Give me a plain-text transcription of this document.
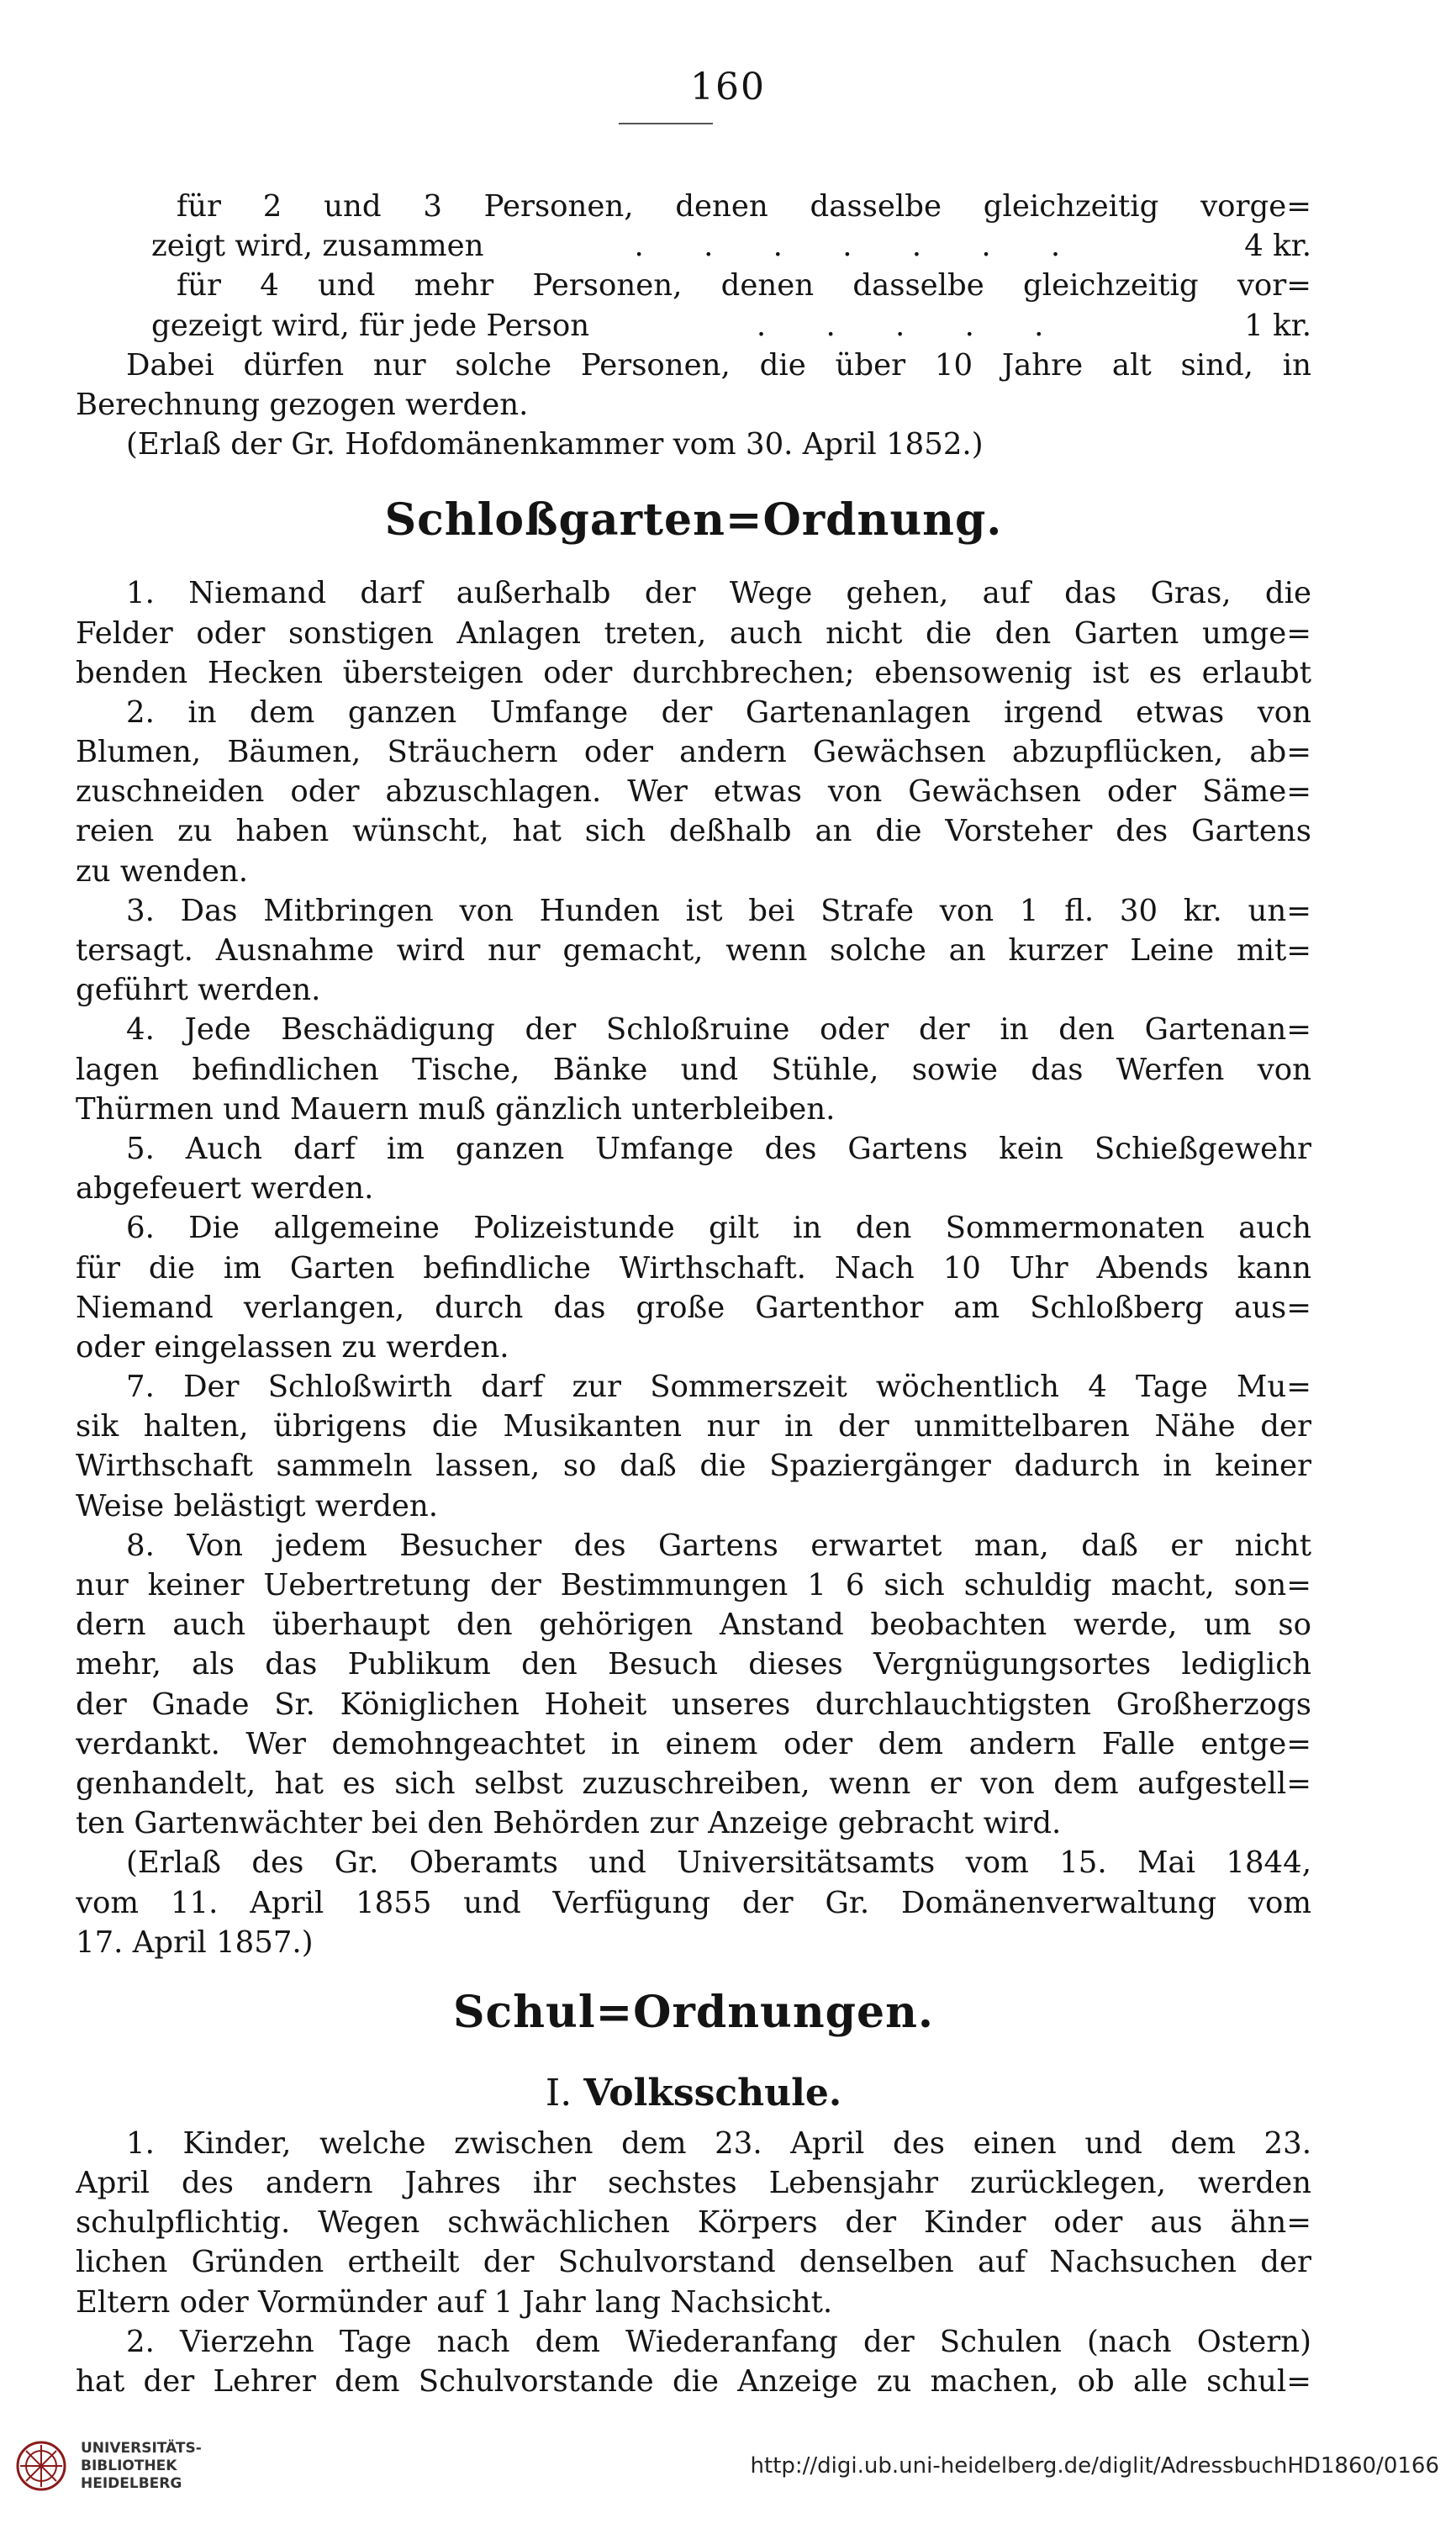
160
für 2 und 3 Personen, denen dasselbe gleichzeitig vorge=
zeigt wird, zusammen	. . . . . . .	4 kr.
für 4 und mehr Personen, denen dasselbe gleichzeitig vor=
gezeigt wird, für jede Person	. . . . .	1 kr.
Dabei dürfen nur solche Personen, die über 10 Jahre alt sind, in
Berechnung gezogen werden.
(Erlaß der Gr. Hofdomänenkammer vom 30. April 1852.)
Schloßgarten=Ordnung.
1. Niemand darf außerhalb der Wege gehen, auf das Gras, die
Felder oder sonstigen Anlagen treten, auch nicht die den Garten umge=
benden Hecken übersteigen oder durchbrechen; ebensowenig ist es erlaubt
2. in dem ganzen Umfange der Gartenanlagen irgend etwas von
Blumen, Bäumen, Sträuchern oder andern Gewächsen abzupflücken, ab=
zuschneiden oder abzuschlagen. Wer etwas von Gewächsen oder Säme=
reien zu haben wünscht, hat sich deßhalb an die Vorsteher des Gartens
zu wenden.
3. Das Mitbringen von Hunden ist bei Strafe von 1 fl. 30 kr. un=
tersagt. Ausnahme wird nur gemacht, wenn solche an kurzer Leine mit=
geführt werden.
4. Jede Beschädigung der Schloßruine oder der in den Gartenan=
lagen befindlichen Tische, Bänke und Stühle, sowie das Werfen von
Thürmen und Mauern muß gänzlich unterbleiben.
5. Auch darf im ganzen Umfange des Gartens kein Schießgewehr
abgefeuert werden.
6. Die allgemeine Polizeistunde gilt in den Sommermonaten auch
für die im Garten befindliche Wirthschaft. Nach 10 Uhr Abends kann
Niemand verlangen, durch das große Gartenthor am Schloßberg aus=
oder eingelassen zu werden.
7. Der Schloßwirth darf zur Sommerszeit wöchentlich 4 Tage Mu=
sik halten, übrigens die Musikanten nur in der unmittelbaren Nähe der
Wirthschaft sammeln lassen, so daß die Spaziergänger dadurch in keiner
Weise belästigt werden.
8. Von jedem Besucher des Gartens erwartet man, daß er nicht
nur keiner Uebertretung der Bestimmungen 1 6 sich schuldig macht, son=
dern auch überhaupt den gehörigen Anstand beobachten werde, um so
mehr, als das Publikum den Besuch dieses Vergnügungsortes lediglich
der Gnade Sr. Königlichen Hoheit unseres durchlauchtigsten Großherzogs
verdankt. Wer demohngeachtet in einem oder dem andern Falle entge=
genhandelt, hat es sich selbst zuzuschreiben, wenn er von dem aufgestell=
ten Gartenwächter bei den Behörden zur Anzeige gebracht wird.
(Erlaß des Gr. Oberamts und Universitätsamts vom 15. Mai 1844,
vom 11. April 1855 und Verfügung der Gr. Domänenverwaltung vom
17. April 1857.)
Schul=Ordnungen.
I. Volksschule.
1. Kinder, welche zwischen dem 23. April des einen und dem 23.
April des andern Jahres ihr sechstes Lebensjahr zurücklegen, werden
schulpflichtig. Wegen schwächlichen Körpers der Kinder oder aus ähn=
lichen Gründen ertheilt der Schulvorstand denselben auf Nachsuchen der
Eltern oder Vormünder auf 1 Jahr lang Nachsicht.
2. Vierzehn Tage nach dem Wiederanfang der Schulen (nach Ostern)
hat der Lehrer dem Schulvorstande die Anzeige zu machen, ob alle schul=
UNIVERSITÄTS-
BIBLIOTHEK
HEIDELBERG
http://digi.ub.uni-heidelberg.de/diglit/AdressbuchHD1860/0166
